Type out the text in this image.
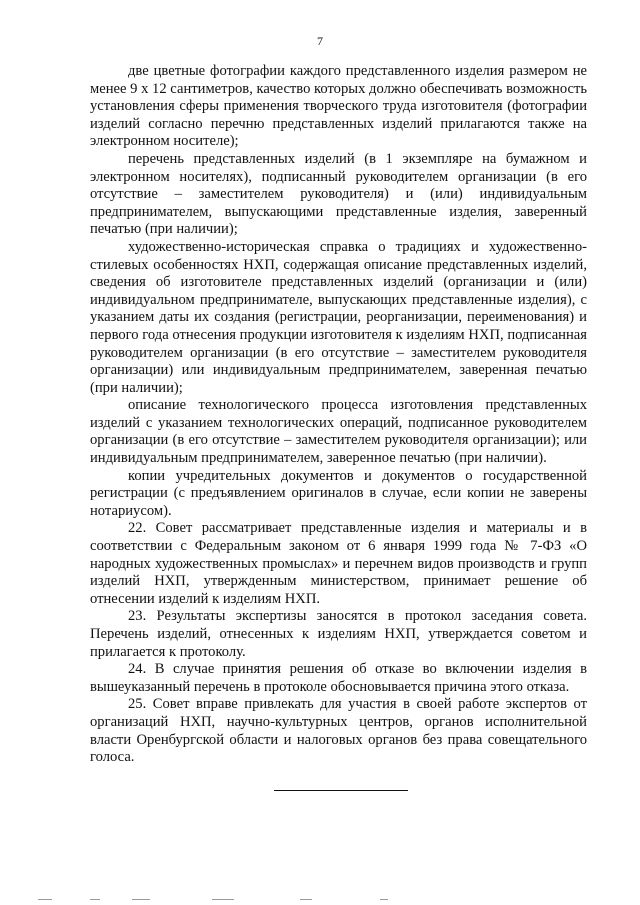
7

две цветные фотографии каждого представленного изделия размером не менее 9 х 12 сантиметров, качество которых должно обеспечивать возможность установления сферы применения творческого труда изготовителя (фотографии изделий согласно перечню представленных изделий прилагаются также на электронном носителе);

перечень представленных изделий (в 1 экземпляре на бумажном и электронном носителях), подписанный руководителем организации (в его отсутствие – заместителем руководителя) и (или) индивидуальным предпринимателем, выпускающими представленные изделия, заверенный печатью (при наличии);

художественно-историческая справка о традициях и художественно-стилевых особенностях НХП, содержащая описание представленных изделий, сведения об изготовителе представленных изделий (организации и (или) индивидуальном предпринимателе, выпускающих представленные изделия), с указанием даты их создания (регистрации, реорганизации, переименования) и первого года отнесения продукции изготовителя к изделиям НХП, подписанная руководителем организации (в его отсутствие – заместителем руководителя организации) или индивидуальным предпринимателем, заверенная печатью (при наличии);

описание технологического процесса изготовления представленных изделий с указанием технологических операций, подписанное руководителем организации (в его отсутствие – заместителем руководителя организации); или индивидуальным предпринимателем, заверенное печатью (при наличии).

копии учредительных документов и документов о государственной регистрации (с предъявлением оригиналов в случае, если копии не заверены нотариусом).

22. Совет рассматривает представленные изделия и материалы и в соответствии с Федеральным законом от 6 января 1999 года № 7-ФЗ «О народных художественных промыслах» и перечнем видов производств и групп изделий НХП, утвержденным министерством, принимает решение об отнесении изделий к изделиям НХП.

23. Результаты экспертизы заносятся в протокол заседания совета. Перечень изделий, отнесенных к изделиям НХП, утверждается советом и прилагается к протоколу.

24. В случае принятия решения об отказе во включении изделия в вышеуказанный перечень в протоколе обосновывается причина этого отказа.

25. Совет вправе привлекать для участия в своей работе экспертов от организаций НХП, научно-культурных центров, органов исполнительной власти Оренбургской области и налоговых органов без права совещательного голоса.
